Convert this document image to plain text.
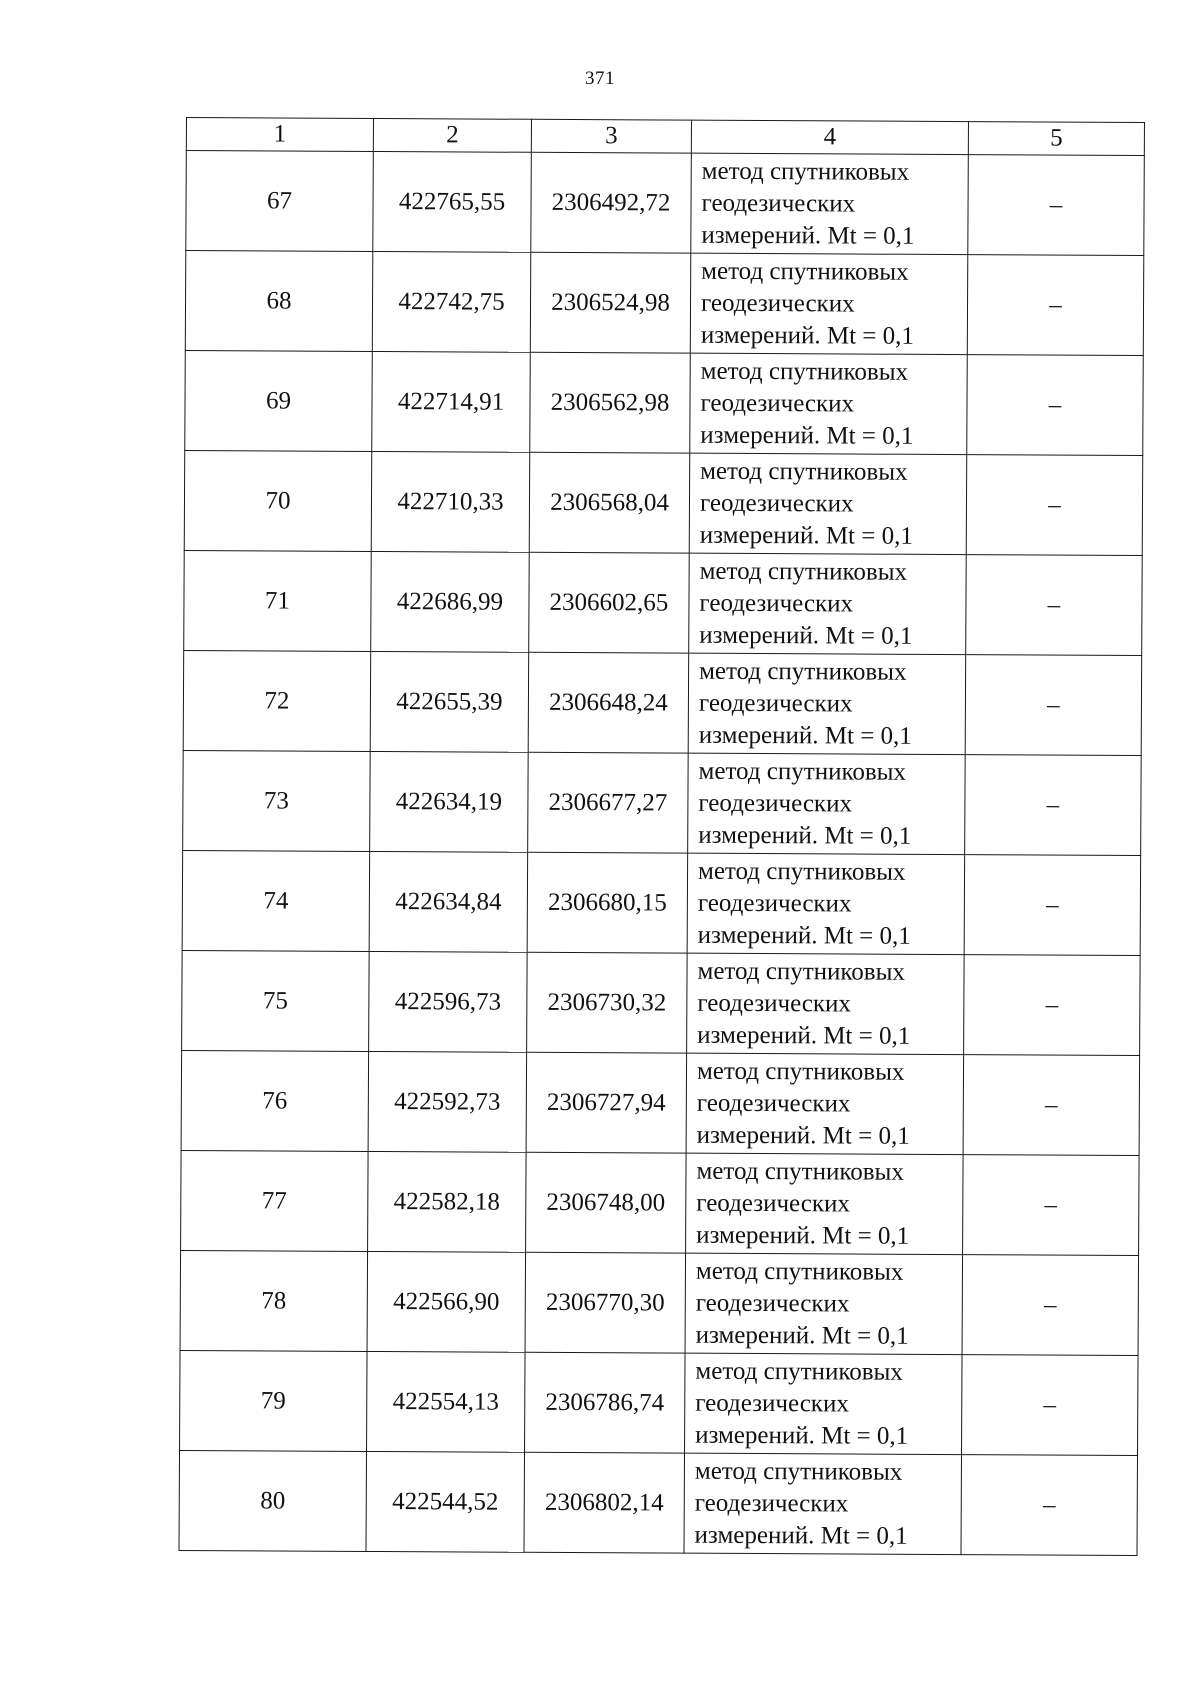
371
1	2	3	4	5
67	422765,55	2306492,72	метод спутниковых
геодезических
измерений. Mt = 0,1	–
68	422742,75	2306524,98	метод спутниковых
геодезических
измерений. Mt = 0,1	–
69	422714,91	2306562,98	метод спутниковых
геодезических
измерений. Mt = 0,1	–
70	422710,33	2306568,04	метод спутниковых
геодезических
измерений. Mt = 0,1	–
71	422686,99	2306602,65	метод спутниковых
геодезических
измерений. Mt = 0,1	–
72	422655,39	2306648,24	метод спутниковых
геодезических
измерений. Mt = 0,1	–
73	422634,19	2306677,27	метод спутниковых
геодезических
измерений. Mt = 0,1	–
74	422634,84	2306680,15	метод спутниковых
геодезических
измерений. Mt = 0,1	–
75	422596,73	2306730,32	метод спутниковых
геодезических
измерений. Mt = 0,1	–
76	422592,73	2306727,94	метод спутниковых
геодезических
измерений. Mt = 0,1	–
77	422582,18	2306748,00	метод спутниковых
геодезических
измерений. Mt = 0,1	–
78	422566,90	2306770,30	метод спутниковых
геодезических
измерений. Mt = 0,1	–
79	422554,13	2306786,74	метод спутниковых
геодезических
измерений. Mt = 0,1	–
80	422544,52	2306802,14	метод спутниковых
геодезических
измерений. Mt = 0,1	–
